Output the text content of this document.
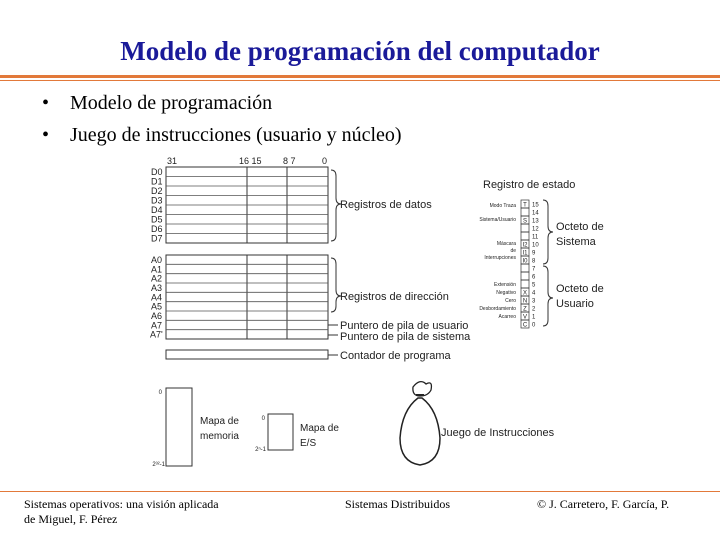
Modelo de programación del computador
• Modelo de programación
• Juego de instrucciones (usuario y núcleo)
31	16 15 8 7	0
D0
D1
D2
D3
D4
D5
D6
D7
Registros de datos
A0
A1
A2
A3
A4
A5
A6
A7
A7'
Registros de dirección
Puntero de pila de usuario
Puntero de pila de sistema
Contador de programa
Registro de estado
T 15
14
S 13
12
11
I2 10
I1 9
I0 8
7
6
5
X 4
N 3
Z 2
V 1
C 0
Modo Traza
Sistema/Usuario
Máscara
de
Interrupciones
Extensión
Negativo
Cero
Desbordamiento
Acarreo
Octeto de
Sistema
Octeto de
Usuario
0
2³²-1
Mapa de
memoria
0
2ⁿ-1
Mapa de
E/S
Juego de Instrucciones
Sistemas operativos: una visión aplicada
de Miguel, F. Pérez
Sistemas Distribuidos	© J. Carretero, F. García, P.
